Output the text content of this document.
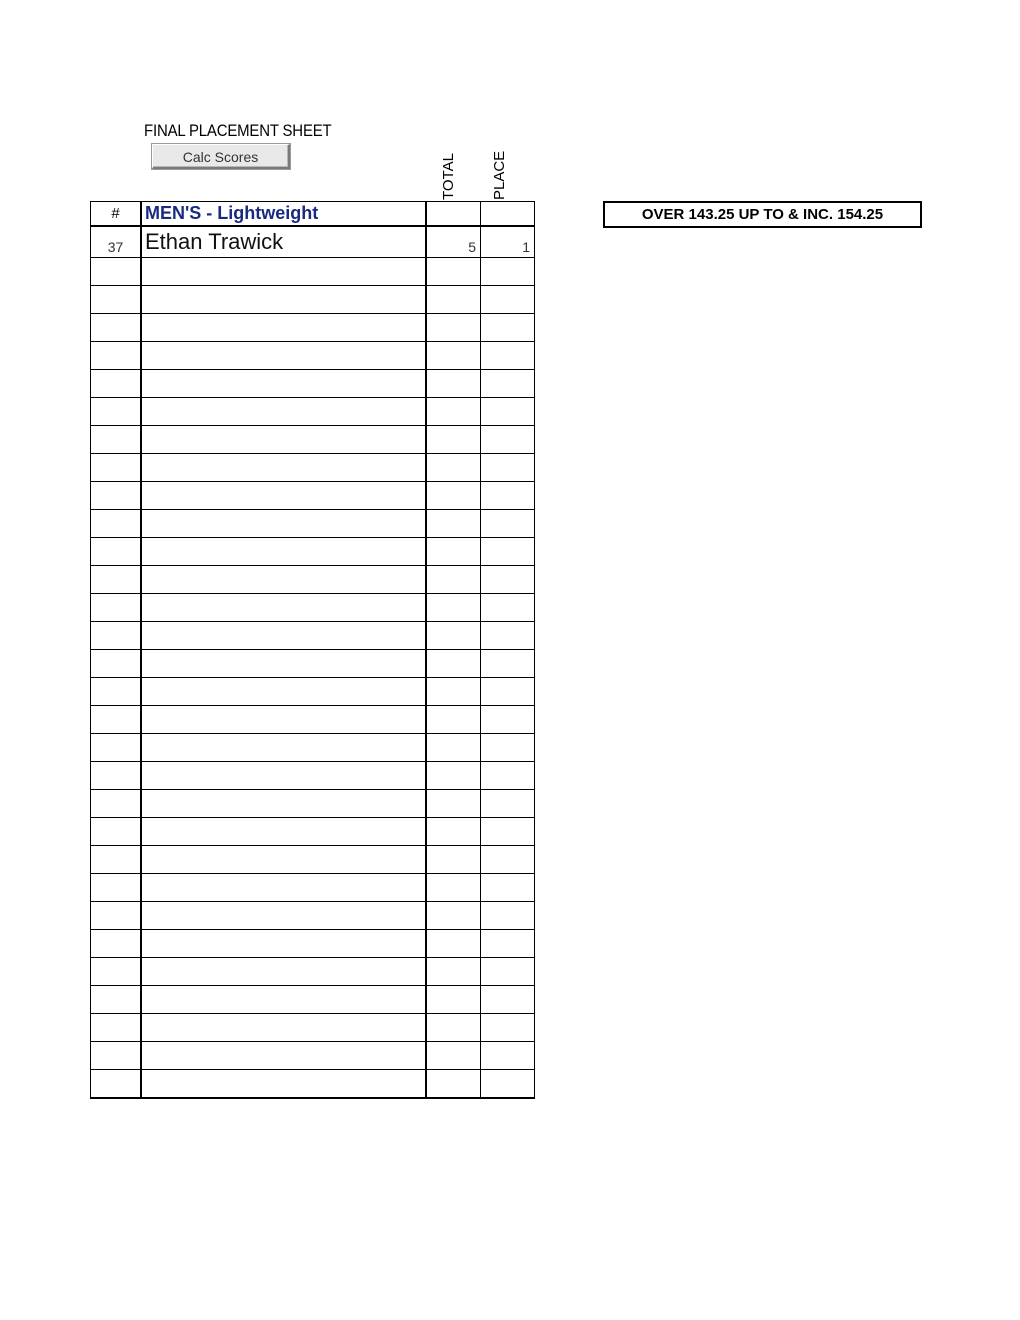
FINAL PLACEMENT SHEET
Calc Scores	TOTAL PLACE
#	MEN'S - Lightweight		
37	Ethan Trawick	5	1

OVER 143.25 UP TO & INC. 154.25
